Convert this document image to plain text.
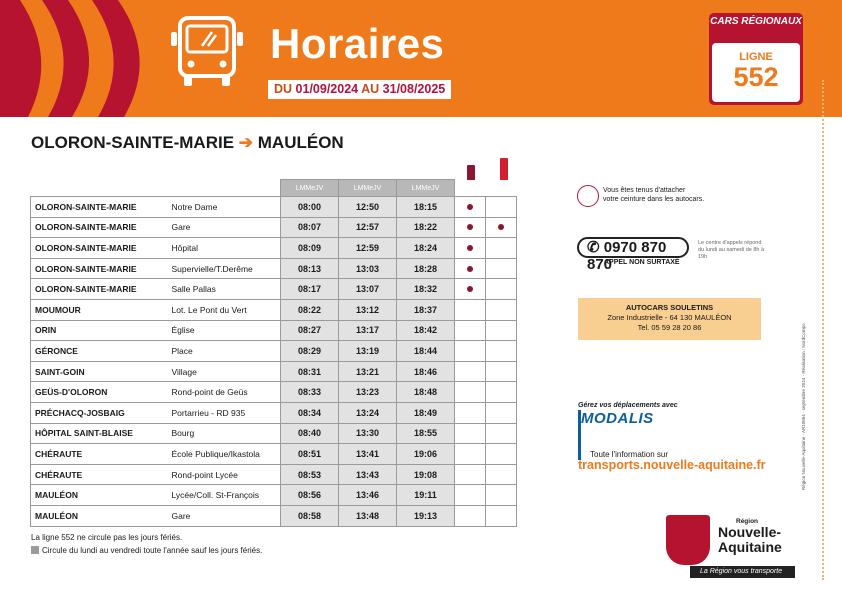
Horaires
DU 01/09/2024 AU 31/08/2025
CARS RÉGIONAUX
LIGNE
552
OLORON-SAINTE-MARIE ➔ MAULÉON
		LMMeJV	LMMeJV	LMMeJV		
OLORON-SAINTE-MARIE	Notre Dame	08:00	12:50	18:15		
OLORON-SAINTE-MARIE	Gare	08:07	12:57	18:22		
OLORON-SAINTE-MARIE	Hôpital	08:09	12:59	18:24		
OLORON-SAINTE-MARIE	Supervielle/T.Derême	08:13	13:03	18:28		
OLORON-SAINTE-MARIE	Salle Pallas	08:17	13:07	18:32		
MOUMOUR	Lot. Le Pont du Vert	08:22	13:12	18:37		
ORIN	Église	08:27	13:17	18:42		
GÉRONCE	Place	08:29	13:19	18:44		
SAINT-GOIN	Village	08:31	13:21	18:46		
GEÜS-D'OLORON	Rond-point de Geüs	08:33	13:23	18:48		
PRÉCHACQ-JOSBAIG	Portarrieu - RD 935	08:34	13:24	18:49		
HÔPITAL SAINT-BLAISE	Bourg	08:40	13:30	18:55		
CHÉRAUTE	École Publique/Ikastola	08:51	13:41	19:06		
CHÉRAUTE	Rond-point Lycée	08:53	13:43	19:08		
MAULÉON	Lycée/Coll. St-François	08:56	13:46	19:11		
MAULÉON	Gare	08:58	13:48	19:13		
La ligne 552 ne circule pas les jours fériés.
Circule du lundi au vendredi toute l'année sauf les jours fériés.
Vous êtes tenus d'attacher
votre ceinture dans les autocars.
✆ 0970 870 870
Le centre d'appels répond
du lundi au samedi de 8h à 19h
APPEL NON SURTAXÉ
AUTOCARS SOULETINS
Zone Industrielle - 64 130 MAULÉON
Tel. 05 59 28 20 86
Gérez vos déplacements avec
MODALIS
Toute l'information sur
transports.nouvelle-aquitaine.fr	Région Nouvelle-Aquitaine - AR10864 - septembre 2024 - Réalisation : NordCompo
Région
Nouvelle-
Aquitaine
La Région vous transporte
